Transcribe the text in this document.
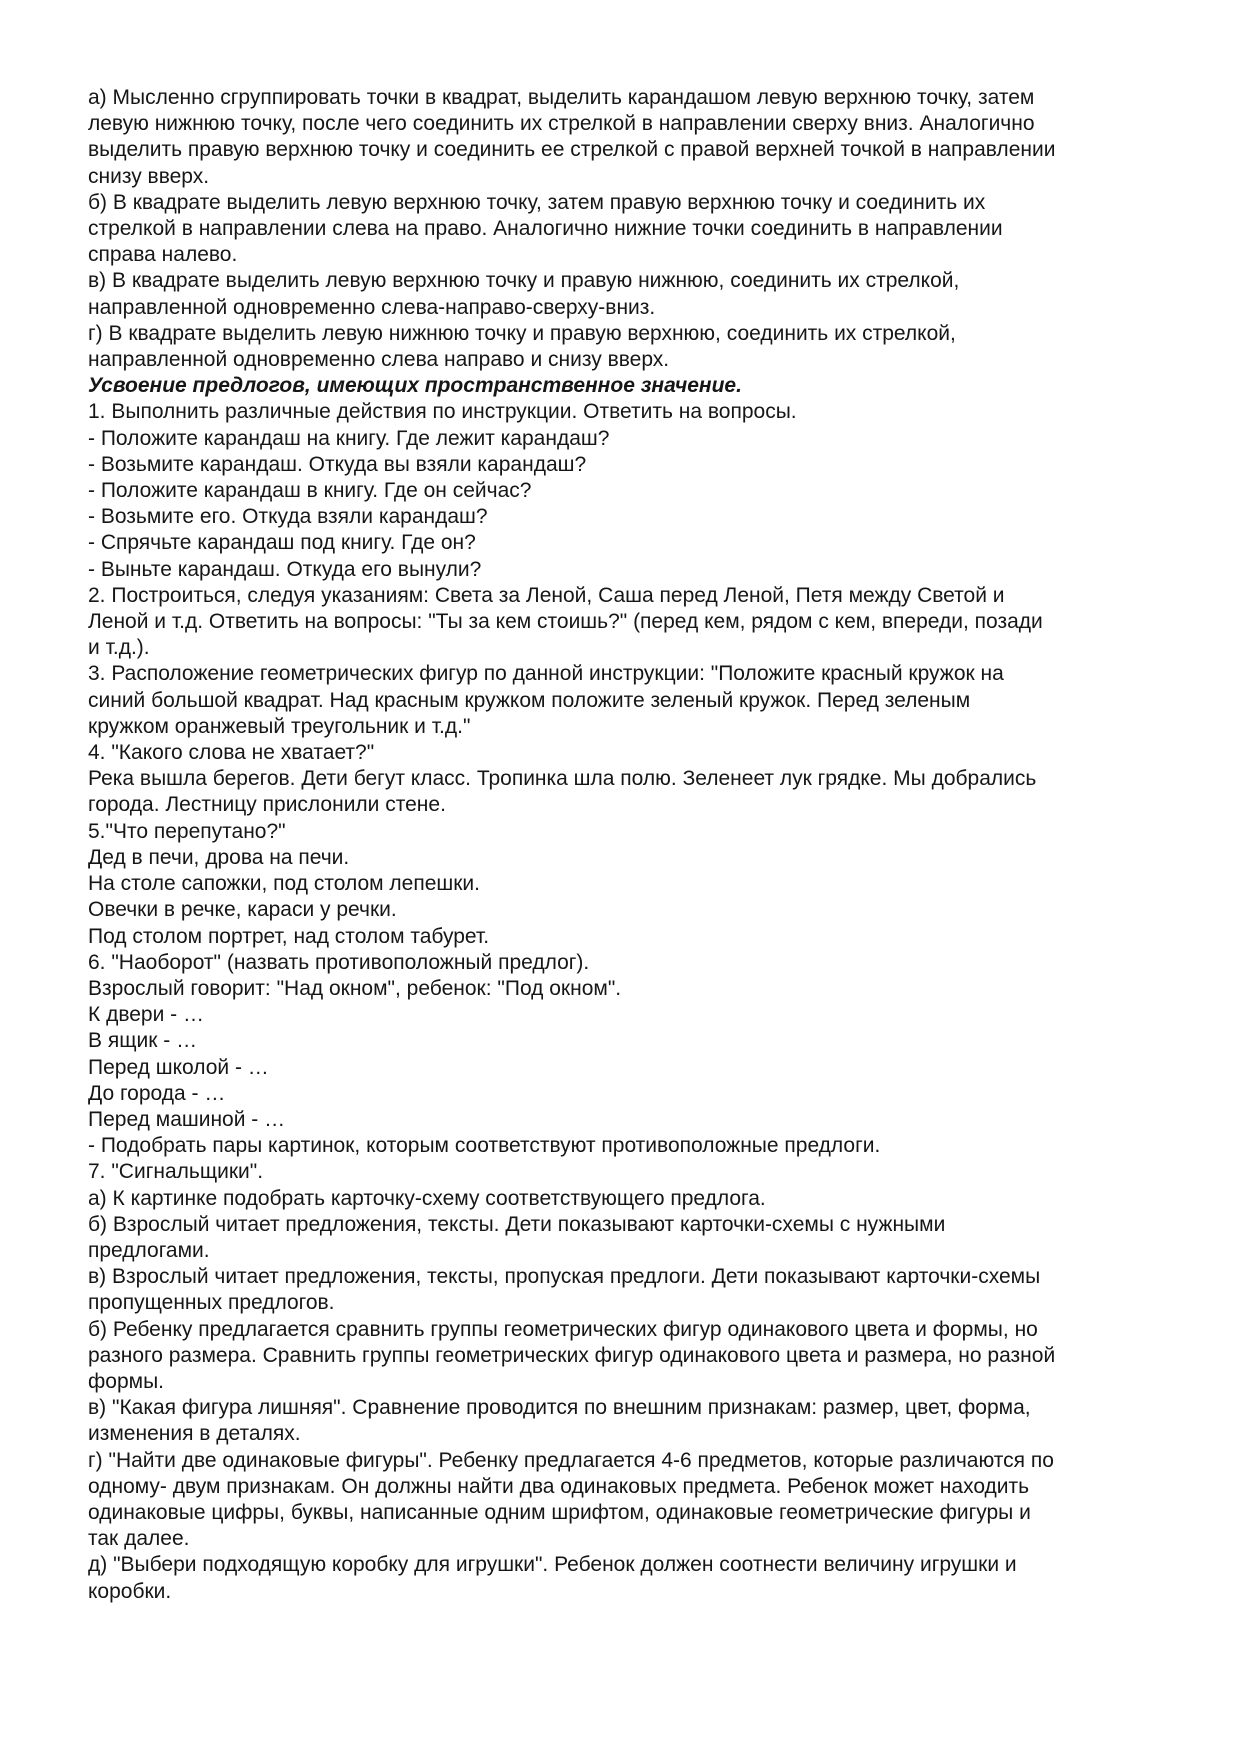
а) Мысленно сгруппировать точки в квадрат, выделить карандашом левую верхнюю точку, затем
левую нижнюю точку, после чего соединить их стрелкой в направлении сверху вниз. Аналогично
выделить правую верхнюю точку и соединить ее стрелкой с правой верхней точкой в направлении
снизу вверх.
б) В квадрате выделить левую верхнюю точку, затем правую верхнюю точку и соединить их
стрелкой в направлении слева на право. Аналогично нижние точки соединить в направлении
справа налево.
в) В квадрате выделить левую верхнюю точку и правую нижнюю, соединить их стрелкой,
направленной одновременно слева-направо-сверху-вниз.
г) В квадрате выделить левую нижнюю точку и правую верхнюю, соединить их стрелкой,
направленной одновременно слева направо и снизу вверх.
Усвоение предлогов, имеющих пространственное значение.
1. Выполнить различные действия по инструкции. Ответить на вопросы.
- Положите карандаш на книгу. Где лежит карандаш?
- Возьмите карандаш. Откуда вы взяли карандаш?
- Положите карандаш в книгу. Где он сейчас?
- Возьмите его. Откуда взяли карандаш?
- Спрячьте карандаш под книгу. Где он?
- Выньте карандаш. Откуда его вынули?
2. Построиться, следуя указаниям: Света за Леной, Саша перед Леной, Петя между Светой и
Леной и т.д. Ответить на вопросы: "Ты за кем стоишь?" (перед кем, рядом с кем, впереди, позади
и т.д.).
3. Расположение геометрических фигур по данной инструкции: "Положите красный кружок на
синий большой квадрат. Над красным кружком положите зеленый кружок. Перед зеленым
кружком оранжевый треугольник и т.д."
4. "Какого слова не хватает?"
Река вышла берегов. Дети бегут класс. Тропинка шла полю. Зеленеет лук грядке. Мы добрались
города. Лестницу прислонили стене.
5."Что перепутано?"
Дед в печи, дрова на печи.
На столе сапожки, под столом лепешки.
Овечки в речке, караси у речки.
Под столом портрет, над столом табурет.
6. "Наоборот" (назвать противоположный предлог).
Взрослый говорит: "Над окном", ребенок: "Под окном".
К двери - …
В ящик - …
Перед школой - …
До города - …
Перед машиной - …
- Подобрать пары картинок, которым соответствуют противоположные предлоги.
7. "Сигнальщики".
а) К картинке подобрать карточку-схему соответствующего предлога.
б) Взрослый читает предложения, тексты. Дети показывают карточки-схемы с нужными
предлогами.
в) Взрослый читает предложения, тексты, пропуская предлоги. Дети показывают карточки-схемы
пропущенных предлогов.
б) Ребенку предлагается сравнить группы геометрических фигур одинакового цвета и формы, но
разного размера. Сравнить группы геометрических фигур одинакового цвета и размера, но разной
формы.
в) "Какая фигура лишняя". Сравнение проводится по внешним признакам: размер, цвет, форма,
изменения в деталях.
г) "Найти две одинаковые фигуры". Ребенку предлагается 4-6 предметов, которые различаются по
одному- двум признакам. Он должны найти два одинаковых предмета. Ребенок может находить
одинаковые цифры, буквы, написанные одним шрифтом, одинаковые геометрические фигуры и
так далее.
д) "Выбери подходящую коробку для игрушки". Ребенок должен соотнести величину игрушки и
коробки.
